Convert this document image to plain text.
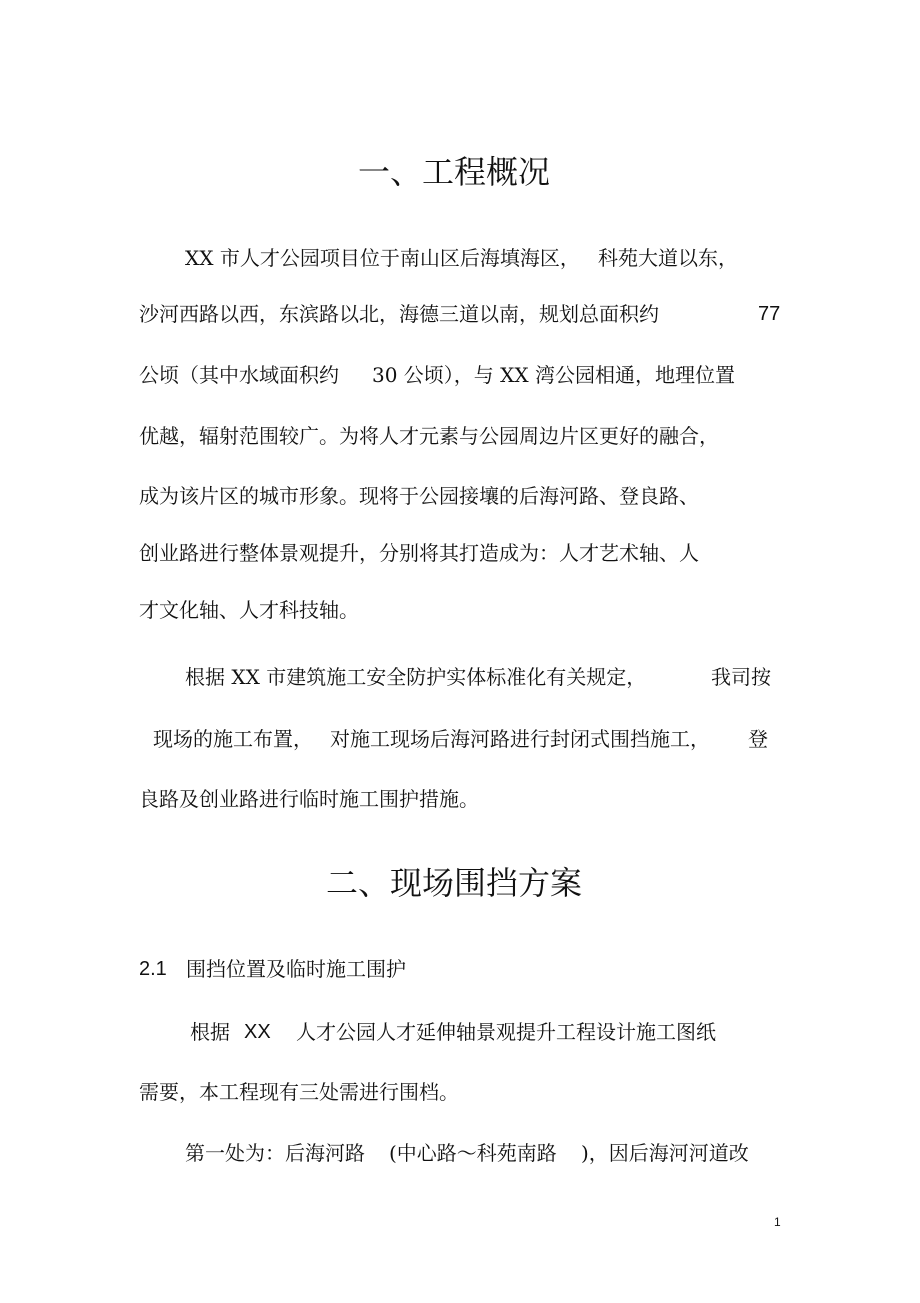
一、工程概况
XX 市人才公园项目位于南山区后海填海区， 科苑大道以东，
沙河西路以西，东滨路以北，海德三道以南，规划总面积约	77
公顷（其中水域面积约 30 公顷），与 XX 湾公园相通，地理位置
优越，辐射范围较广。为将人才元素与公园周边片区更好的融合，
成为该片区的城市形象。现将于公园接壤的后海河路、登良路、
创业路进行整体景观提升，分别将其打造成为：人才艺术轴、人
才文化轴、人才科技轴。
根据 XX 市建筑施工安全防护实体标准化有关规定，	我司按
现场的施工布置， 对施工现场后海河路进行封闭式围挡施工， 登
良路及创业路进行临时施工围护措施。
二、现场围挡方案
2.1 围挡位置及临时施工围护
根据 XX 人才公园人才延伸轴景观提升工程设计施工图纸
需要，本工程现有三处需进行围档。
第一处为：后海河路 (中心路～科苑南路 )，因后海河河道改
1
